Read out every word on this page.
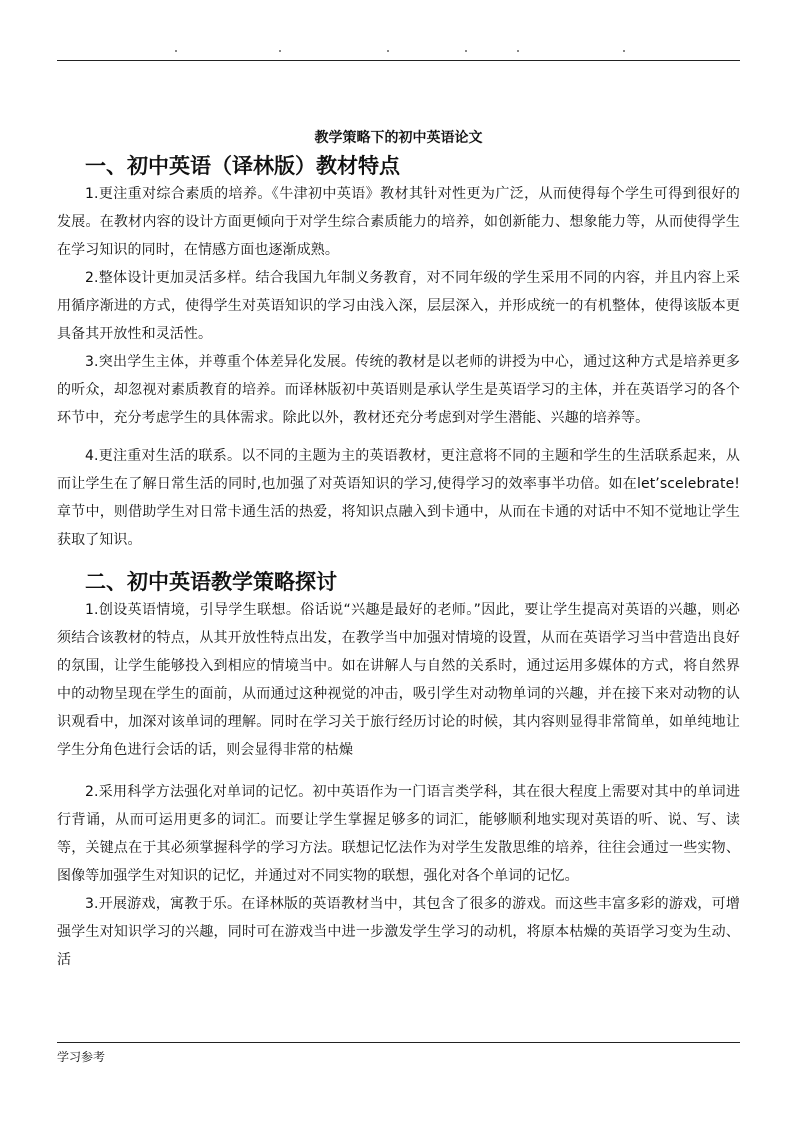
教学策略下的初中英语论文
一、初中英语（译林版）教材特点

1.更注重对综合素质的培养。《牛津初中英语》教材其针对性更为广泛，从而使得每个学生可得到很好的发展。在教材内容的设计方面更倾向于对学生综合素质能力的培养，如创新能力、想象能力等，从而使得学生在学习知识的同时，在情感方面也逐渐成熟。

2.整体设计更加灵活多样。结合我国九年制义务教育，对不同年级的学生采用不同的内容，并且内容上采用循序渐进的方式，使得学生对英语知识的学习由浅入深，层层深入，并形成统一的有机整体，使得该版本更具备其开放性和灵活性。

3.突出学生主体，并尊重个体差异化发展。传统的教材是以老师的讲授为中心，通过这种方式是培养更多的听众，却忽视对素质教育的培养。而译林版初中英语则是承认学生是英语学习的主体，并在英语学习的各个环节中，充分考虑学生的具体需求。除此以外，教材还充分考虑到对学生潜能、兴趣的培养等。

4.更注重对生活的联系。以不同的主题为主的英语教材，更注意将不同的主题和学生的生活联系起来，从而让学生在了解日常生活的同时,也加强了对英语知识的学习,使得学习的效率事半功倍。如在let’scelebrate!章节中，则借助学生对日常卡通生活的热爱，将知识点融入到卡通中，从而在卡通的对话中不知不觉地让学生获取了知识。

二、初中英语教学策略探讨

1.创设英语情境，引导学生联想。俗话说“兴趣是最好的老师。”因此，要让学生提高对英语的兴趣，则必须结合该教材的特点，从其开放性特点出发，在教学当中加强对情境的设置，从而在英语学习当中营造出良好的氛围，让学生能够投入到相应的情境当中。如在讲解人与自然的关系时，通过运用多媒体的方式，将自然界中的动物呈现在学生的面前，从而通过这种视觉的冲击，吸引学生对动物单词的兴趣，并在接下来对动物的认识观看中，加深对该单词的理解。同时在学习关于旅行经历讨论的时候，其内容则显得非常简单，如单纯地让学生分角色进行会话的话，则会显得非常的枯燥

2.采用科学方法强化对单词的记忆。初中英语作为一门语言类学科，其在很大程度上需要对其中的单词进行背诵，从而可运用更多的词汇。而要让学生掌握足够多的词汇，能够顺利地实现对英语的听、说、写、读等，关键点在于其必须掌握科学的学习方法。联想记忆法作为对学生发散思维的培养，往往会通过一些实物、图像等加强学生对知识的记忆，并通过对不同实物的联想，强化对各个单词的记忆。

3.开展游戏，寓教于乐。在译林版的英语教材当中，其包含了很多的游戏。而这些丰富多彩的游戏，可增强学生对知识学习的兴趣，同时可在游戏当中进一步激发学生学习的动机，将原本枯燥的英语学习变为生动、活

学习参考
